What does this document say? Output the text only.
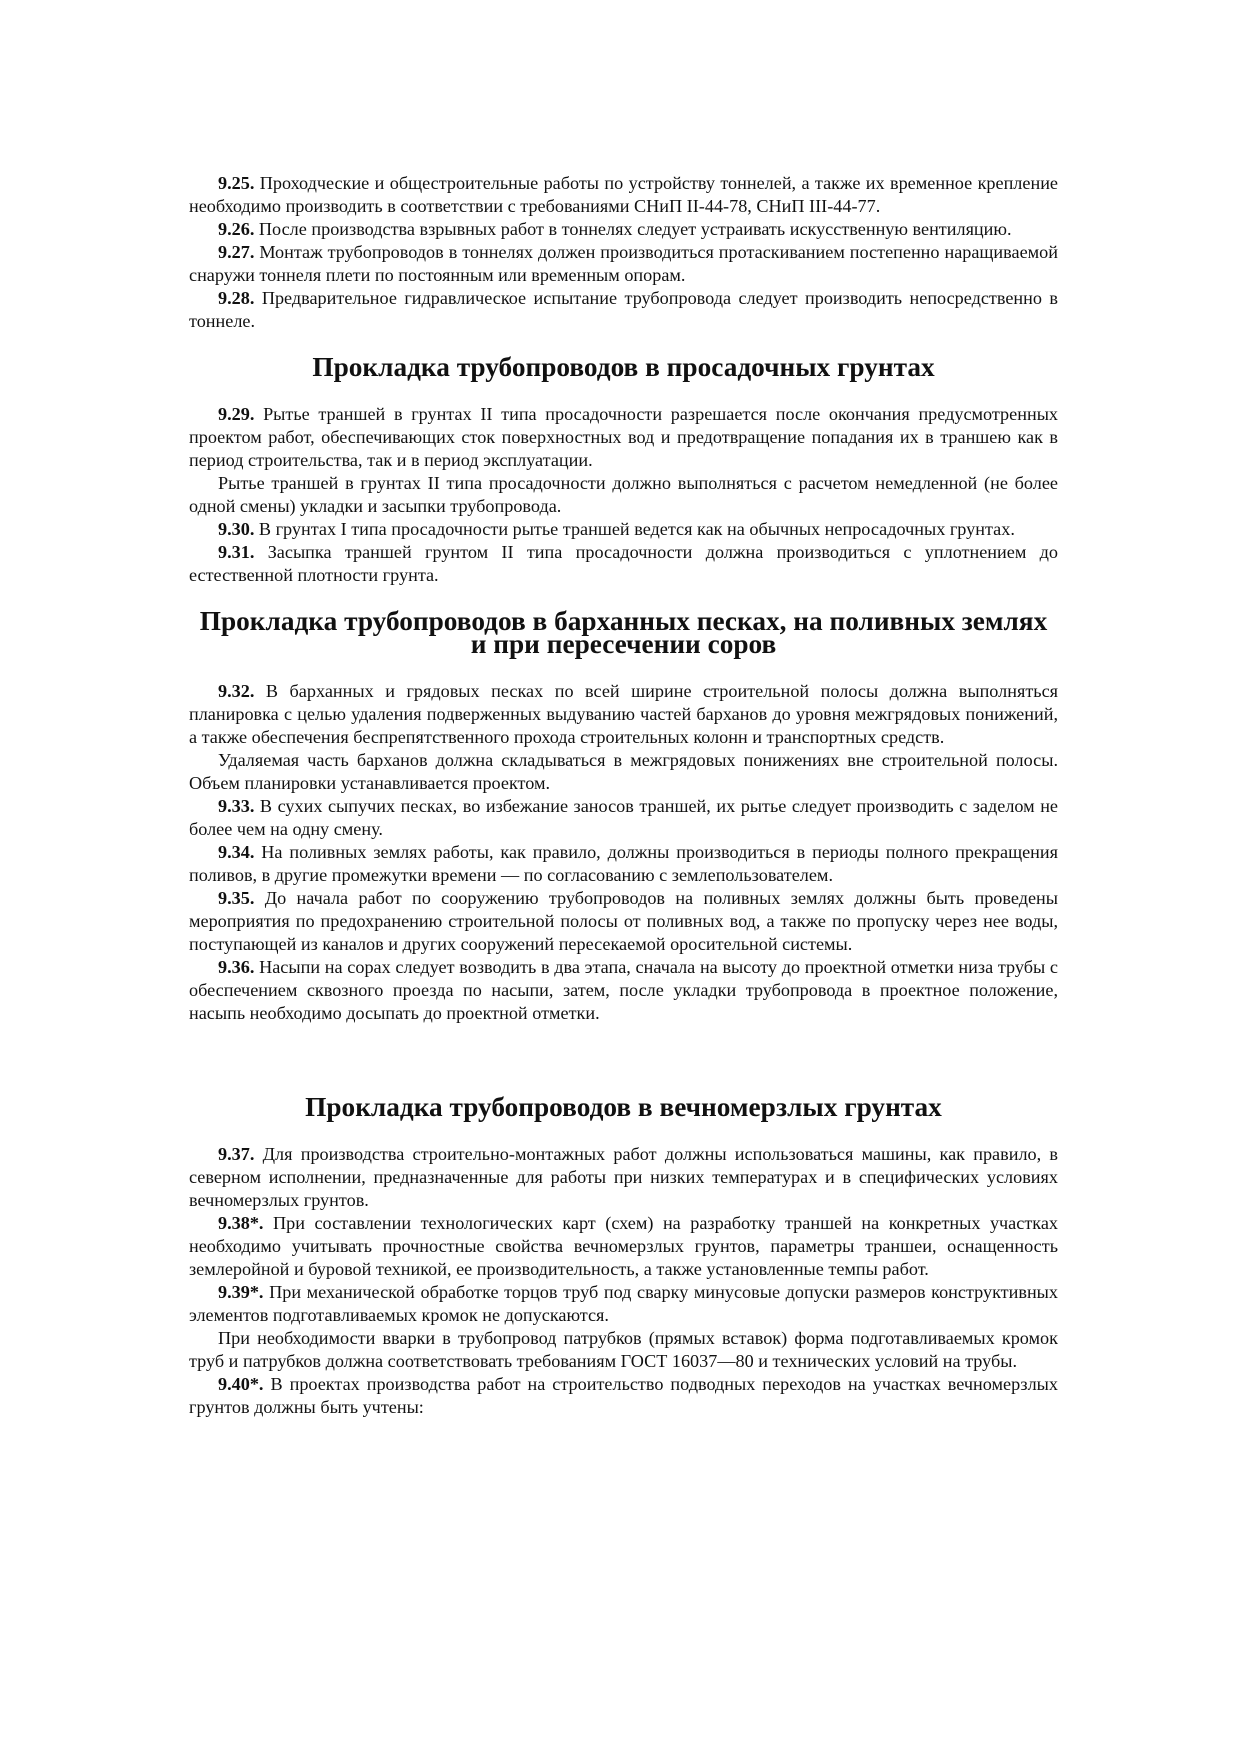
9.25. Проходческие и общестроительные работы по устройству тоннелей, а также их временное крепление необходимо производить в соответствии с требованиями СНиП II-44-78, СНиП III-44-77.

9.26. После производства взрывных работ в тоннелях следует устраивать искусственную вентиляцию.

9.27. Монтаж трубопроводов в тоннелях должен производиться протаскиванием постепенно наращиваемой снаружи тоннеля плети по постоянным или временным опорам.

9.28. Предварительное гидравлическое испытание трубопровода следует производить непосредственно в тоннеле.

Прокладка трубопроводов в просадочных грунтах

9.29. Рытье траншей в грунтах II типа просадочности разрешается после окончания предусмотренных проектом работ, обеспечивающих сток поверхностных вод и предотвращение попадания их в траншею как в период строительства, так и в период эксплуатации.

Рытье траншей в грунтах II типа просадочности должно выполняться с расчетом немедленной (не более одной смены) укладки и засыпки трубопровода.

9.30. В грунтах I типа просадочности рытье траншей ведется как на обычных непросадочных грунтах.

9.31. Засыпка траншей грунтом II типа просадочности должна производиться с уплотнением до естественной плотности грунта.

Прокладка трубопроводов в барханных песках, на поливных землях
и при пересечении соров

9.32. В барханных и грядовых песках по всей ширине строительной полосы должна выполняться планировка с целью удаления подверженных выдуванию частей барханов до уровня межгрядовых понижений, а также обеспечения беспрепятственного прохода строительных колонн и транспортных средств.

Удаляемая часть барханов должна складываться в межгрядовых понижениях вне строительной полосы. Объем планировки устанавливается проектом.

9.33. В сухих сыпучих песках, во избежание заносов траншей, их рытье следует производить с заделом не более чем на одну смену.

9.34. На поливных землях работы, как правило, должны производиться в периоды полного прекращения поливов, в другие промежутки времени — по согласованию с землепользователем.

9.35. До начала работ по сооружению трубопроводов на поливных землях должны быть проведены мероприятия по предохранению строительной полосы от поливных вод, а также по пропуску через нее воды, поступающей из каналов и других сооружений пересекаемой оросительной системы.

9.36. Насыпи на сорах следует возводить в два этапа, сначала на высоту до проектной отметки низа трубы с обеспечением сквозного проезда по насыпи, затем, после укладки трубопровода в проектное положение, насыпь необходимо досыпать до проектной отметки.

Прокладка трубопроводов в вечномерзлых грунтах

9.37. Для производства строительно-монтажных работ должны использоваться машины, как правило, в северном исполнении, предназначенные для работы при низких температурах и в специфических условиях вечномерзлых грунтов.

9.38*. При составлении технологических карт (схем) на разработку траншей на конкретных участках необходимо учитывать прочностные свойства вечномерзлых грунтов, параметры траншеи, оснащенность землеройной и буровой техникой, ее производительность, а также установленные темпы работ.

9.39*. При механической обработке торцов труб под сварку минусовые допуски размеров конструктивных элементов подготавливаемых кромок не допускаются.

При необходимости вварки в трубопровод патрубков (прямых вставок) форма подготавливаемых кромок труб и патрубков должна соответствовать требованиям ГОСТ 16037—80 и технических условий на трубы.

9.40*. В проектах производства работ на строительство подводных переходов на участках вечномерзлых грунтов должны быть учтены:
